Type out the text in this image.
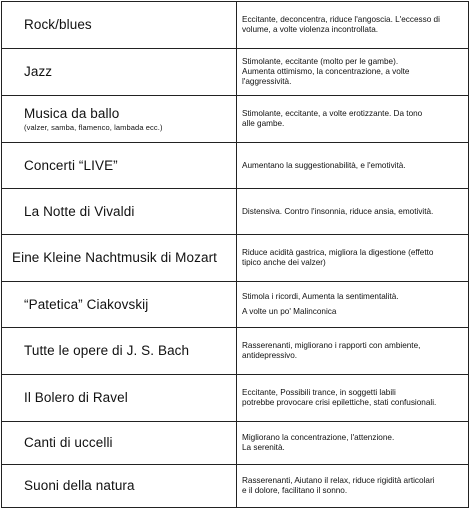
Rock/blues	Eccitante, deconcentra, riduce l'angoscia. L'eccesso di
volume, a volte violenza incontrollata.

Jazz	Stimolante, eccitante (molto per le gambe).
Aumenta ottimismo, la concentrazione, a volte
l'aggressività.

Musica da ballo
(valzer, samba, flamenco, lambada ecc.)	Stimolante, eccitante, a volte erotizzante. Da tono
alle gambe.

Concerti “LIVE”	Aumentano la suggestionabilità, e l'emotività.

La Notte di Vivaldi	Distensiva. Contro l'insonnia, riduce ansia, emotività.

Eine Kleine Nachtmusik di Mozart	Riduce acidità gastrica, migliora la digestione (effetto
tipico anche dei valzer)

“Patetica” Ciakovskij	Stimola i ricordi, Aumenta la sentimentalità.
A volte un po' Malinconica

Tutte le opere di J. S. Bach	Rasserenanti, migliorano i rapporti con ambiente,
antidepressivo.

Il Bolero di Ravel	Eccitante, Possibili trance, in soggetti labili
potrebbe provocare crisi epilettiche, stati confusionali.

Canti di uccelli	Migliorano la concentrazione, l'attenzione.
La serenità.

Suoni della natura	Rasserenanti, Aiutano il relax, riduce rigidità articolari
e il dolore, facilitano il sonno.
